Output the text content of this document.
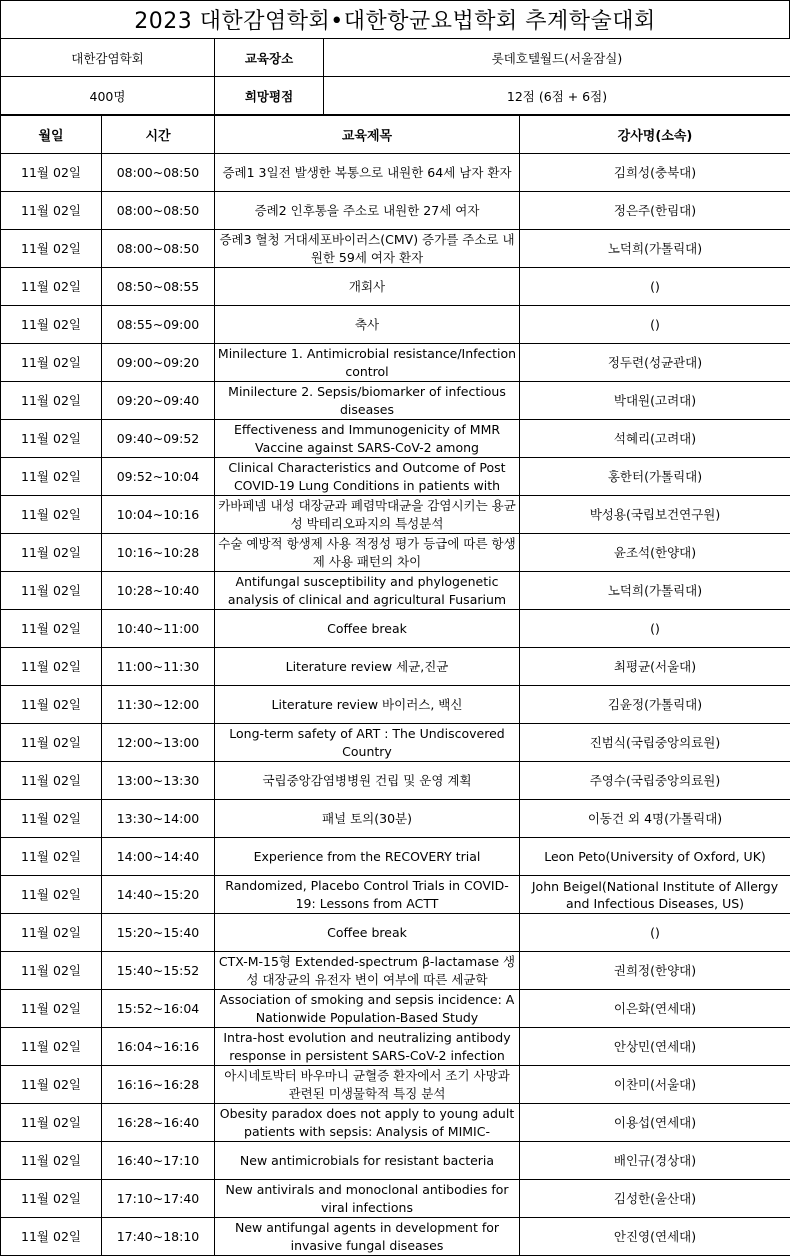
2023 대한감염학회•대한항균요법학회 추계학술대회
대한감염학회	교육장소	롯데호텔월드(서울잠실)
400명	희망평점	12점 (6점 + 6점)
월일	시간	교육제목	강사명(소속)

11월 02일	08:00~08:50	증례1 3일전 발생한 복통으로 내원한 64세 남자 환자	김희성(충북대)

11월 02일	08:00~08:50	증례2 인후통을 주소로 내원한 27세 여자	정은주(한림대)

11월 02일	08:00~08:50	증례3 혈청 거대세포바이러스(CMV) 증가를 주소로 내원한 59세 여자 환자	노덕희(가톨릭대)

11월 02일	08:50~08:55	개회사	()

11월 02일	08:55~09:00	축사	()

11월 02일	09:00~09:20	Minilecture 1. Antimicrobial resistance/Infection control	정두련(성균관대)

11월 02일	09:20~09:40	Minilecture 2. Sepsis/biomarker of infectious diseases	박대원(고려대)

11월 02일	09:40~09:52	Effectiveness and Immunogenicity of MMR Vaccine against SARS-CoV-2 among	석혜리(고려대)

11월 02일	09:52~10:04	Clinical Characteristics and Outcome of Post COVID-19 Lung Conditions in patients with	홍한터(가톨릭대)

11월 02일	10:04~10:16	카바페넴 내성 대장균과 폐렴막대균을 감염시키는 용균성 박테리오파지의 특성분석	박성용(국립보건연구원)

11월 02일	10:16~10:28	수술 예방적 항생제 사용 적정성 평가 등급에 따른 항생제 사용 패턴의 차이	윤조석(한양대)

11월 02일	10:28~10:40	Antifungal susceptibility and phylogenetic analysis of clinical and agricultural Fusarium	노덕희(가톨릭대)

11월 02일	10:40~11:00	Coffee break	()

11월 02일	11:00~11:30	Literature review 세균,진균	최평균(서울대)

11월 02일	11:30~12:00	Literature review 바이러스, 백신	김윤정(가톨릭대)

11월 02일	12:00~13:00	Long-term safety of ART : The Undiscovered Country	진범식(국립중앙의료원)

11월 02일	13:00~13:30	국립중앙감염병병원 건립 및 운영 계획	주영수(국립중앙의료원)

11월 02일	13:30~14:00	패널 토의(30분)	이동건 외 4명(가톨릭대)

11월 02일	14:00~14:40	Experience from the RECOVERY trial	Leon Peto(University of Oxford, UK)

11월 02일	14:40~15:20	Randomized, Placebo Control Trials in COVID-19: Lessons from ACTT	John Beigel(National Institute of Allergy and Infectious Diseases, US)

11월 02일	15:20~15:40	Coffee break	()

11월 02일	15:40~15:52	CTX-M-15형 Extended-spectrum β-lactamase 생성 대장균의 유전자 변이 여부에 따른 세균학	권희정(한양대)

11월 02일	15:52~16:04	Association of smoking and sepsis incidence: A Nationwide Population-Based Study	이은화(연세대)

11월 02일	16:04~16:16	Intra-host evolution and neutralizing antibody response in persistent SARS-CoV-2 infection	안상민(연세대)

11월 02일	16:16~16:28	아시네토박터 바우마니 균혈증 환자에서 조기 사망과 관련된 미생물학적 특징 분석	이찬미(서울대)

11월 02일	16:28~16:40	Obesity paradox does not apply to young adult patients with sepsis: Analysis of MIMIC-	이용섭(연세대)

11월 02일	16:40~17:10	New antimicrobials for resistant bacteria	배인규(경상대)

11월 02일	17:10~17:40	New antivirals and monoclonal antibodies for viral infections	김성한(울산대)

11월 02일	17:40~18:10	New antifungal agents in development for invasive fungal diseases	안진영(연세대)
